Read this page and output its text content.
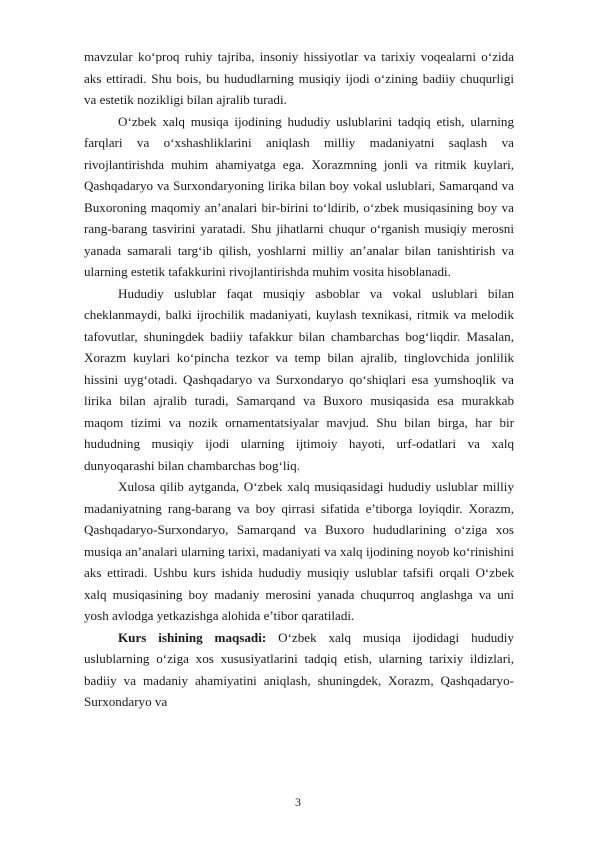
mavzular ko‘proq ruhiy tajriba, insoniy hissiyotlar va tarixiy voqealarni o‘zida aks ettiradi. Shu bois, bu hududlarning musiqiy ijodi o‘zining badiiy chuqurligi va estetik nozikligi bilan ajralib turadi.

O‘zbek xalq musiqa ijodining hududiy uslublarini tadqiq etish, ularning farqlari va o‘xshashliklarini aniqlash milliy madaniyatni saqlash va rivojlantirishda muhim ahamiyatga ega. Xorazmning jonli va ritmik kuylari, Qashqadaryo va Surxondaryoning lirika bilan boy vokal uslublari, Samarqand va Buxoroning maqomiy an’analari bir-birini to‘ldirib, o‘zbek musiqasining boy va rang-barang tasvirini yaratadi. Shu jihatlarni chuqur o‘rganish musiqiy merosni yanada samarali targ‘ib qilish, yoshlarni milliy an’analar bilan tanishtirish va ularning estetik tafakkurini rivojlantirishda muhim vosita hisoblanadi.

Hududiy uslublar faqat musiqiy asboblar va vokal uslublari bilan cheklanmaydi, balki ijrochilik madaniyati, kuylash texnikasi, ritmik va melodik tafovutlar, shuningdek badiiy tafakkur bilan chambarchas bog‘liqdir. Masalan, Xorazm kuylari ko‘pincha tezkor va temp bilan ajralib, tinglovchida jonlilik hissini uyg‘otadi. Qashqadaryo va Surxondaryo qo‘shiqlari esa yumshoqlik va lirika bilan ajralib turadi, Samarqand va Buxoro musiqasida esa murakkab maqom tizimi va nozik ornamentatsiyalar mavjud. Shu bilan birga, har bir hududning musiqiy ijodi ularning ijtimoiy hayoti, urf-odatlari va xalq dunyoqarashi bilan chambarchas bog‘liq.

Xulosa qilib aytganda, O‘zbek xalq musiqasidagi hududiy uslublar milliy madaniyatning rang-barang va boy qirrasi sifatida e’tiborga loyiqdir. Xorazm, Qashqadaryo-Surxondaryo, Samarqand va Buxoro hududlarining o‘ziga xos musiqa an’analari ularning tarixi, madaniyati va xalq ijodining noyob ko‘rinishini aks ettiradi. Ushbu kurs ishida hududiy musiqiy uslublar tafsifi orqali O‘zbek xalq musiqasining boy madaniy merosini yanada chuqurroq anglashga va uni yosh avlodga yetkazishga alohida e’tibor qaratiladi.

Kurs ishining maqsadi: O‘zbek xalq musiqa ijodidagi hududiy uslublarning o‘ziga xos xususiyatlarini tadqiq etish, ularning tarixiy ildizlari, badiiy va madaniy ahamiyatini aniqlash, shuningdek, Xorazm, Qashqadaryo-Surxondaryo va

3
